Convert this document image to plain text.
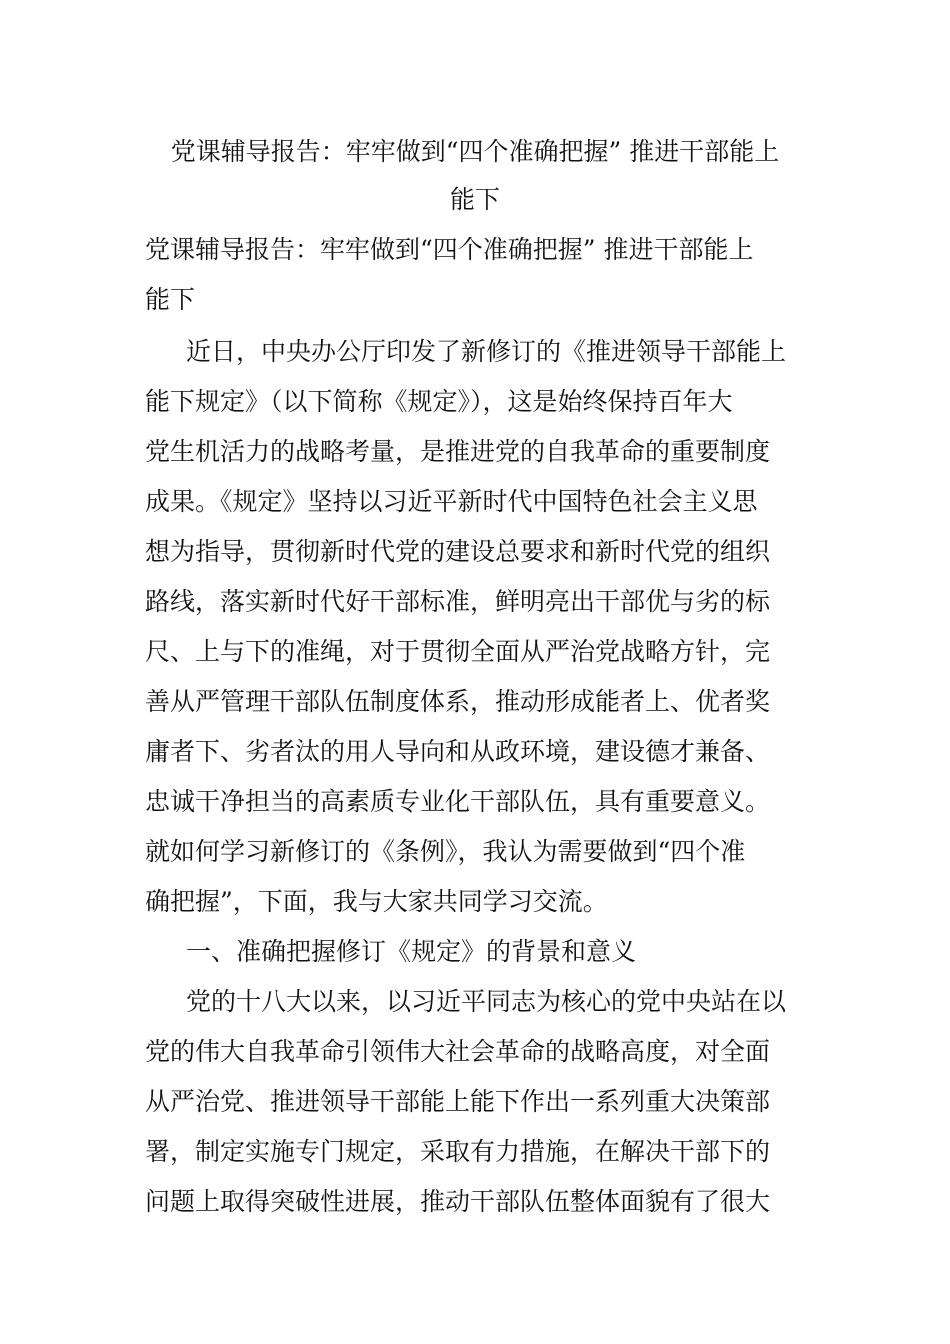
党课辅导报告：牢牢做到“四个准确把握” 推进干部能上
能下
党课辅导报告：牢牢做到“四个准确把握” 推进干部能上
能下
近日，中央办公厅印发了新修订的《推进领导干部能上
能下规定》（以下简称《规定》），这是始终保持百年大
党生机活力的战略考量，是推进党的自我革命的重要制度
成果。《规定》坚持以习近平新时代中国特色社会主义思
想为指导，贯彻新时代党的建设总要求和新时代党的组织
路线，落实新时代好干部标准，鲜明亮出干部优与劣的标
尺、上与下的准绳，对于贯彻全面从严治党战略方针，完
善从严管理干部队伍制度体系，推动形成能者上、优者奖
庸者下、劣者汰的用人导向和从政环境，建设德才兼备、
忠诚干净担当的高素质专业化干部队伍，具有重要意义。
就如何学习新修订的《条例》，我认为需要做到“四个准
确把握”，下面，我与大家共同学习交流。
一、准确把握修订《规定》的背景和意义
党的十八大以来，以习近平同志为核心的党中央站在以
党的伟大自我革命引领伟大社会革命的战略高度，对全面
从严治党、推进领导干部能上能下作出一系列重大决策部
署，制定实施专门规定，采取有力措施，在解决干部下的
问题上取得突破性进展，推动干部队伍整体面貌有了很大
